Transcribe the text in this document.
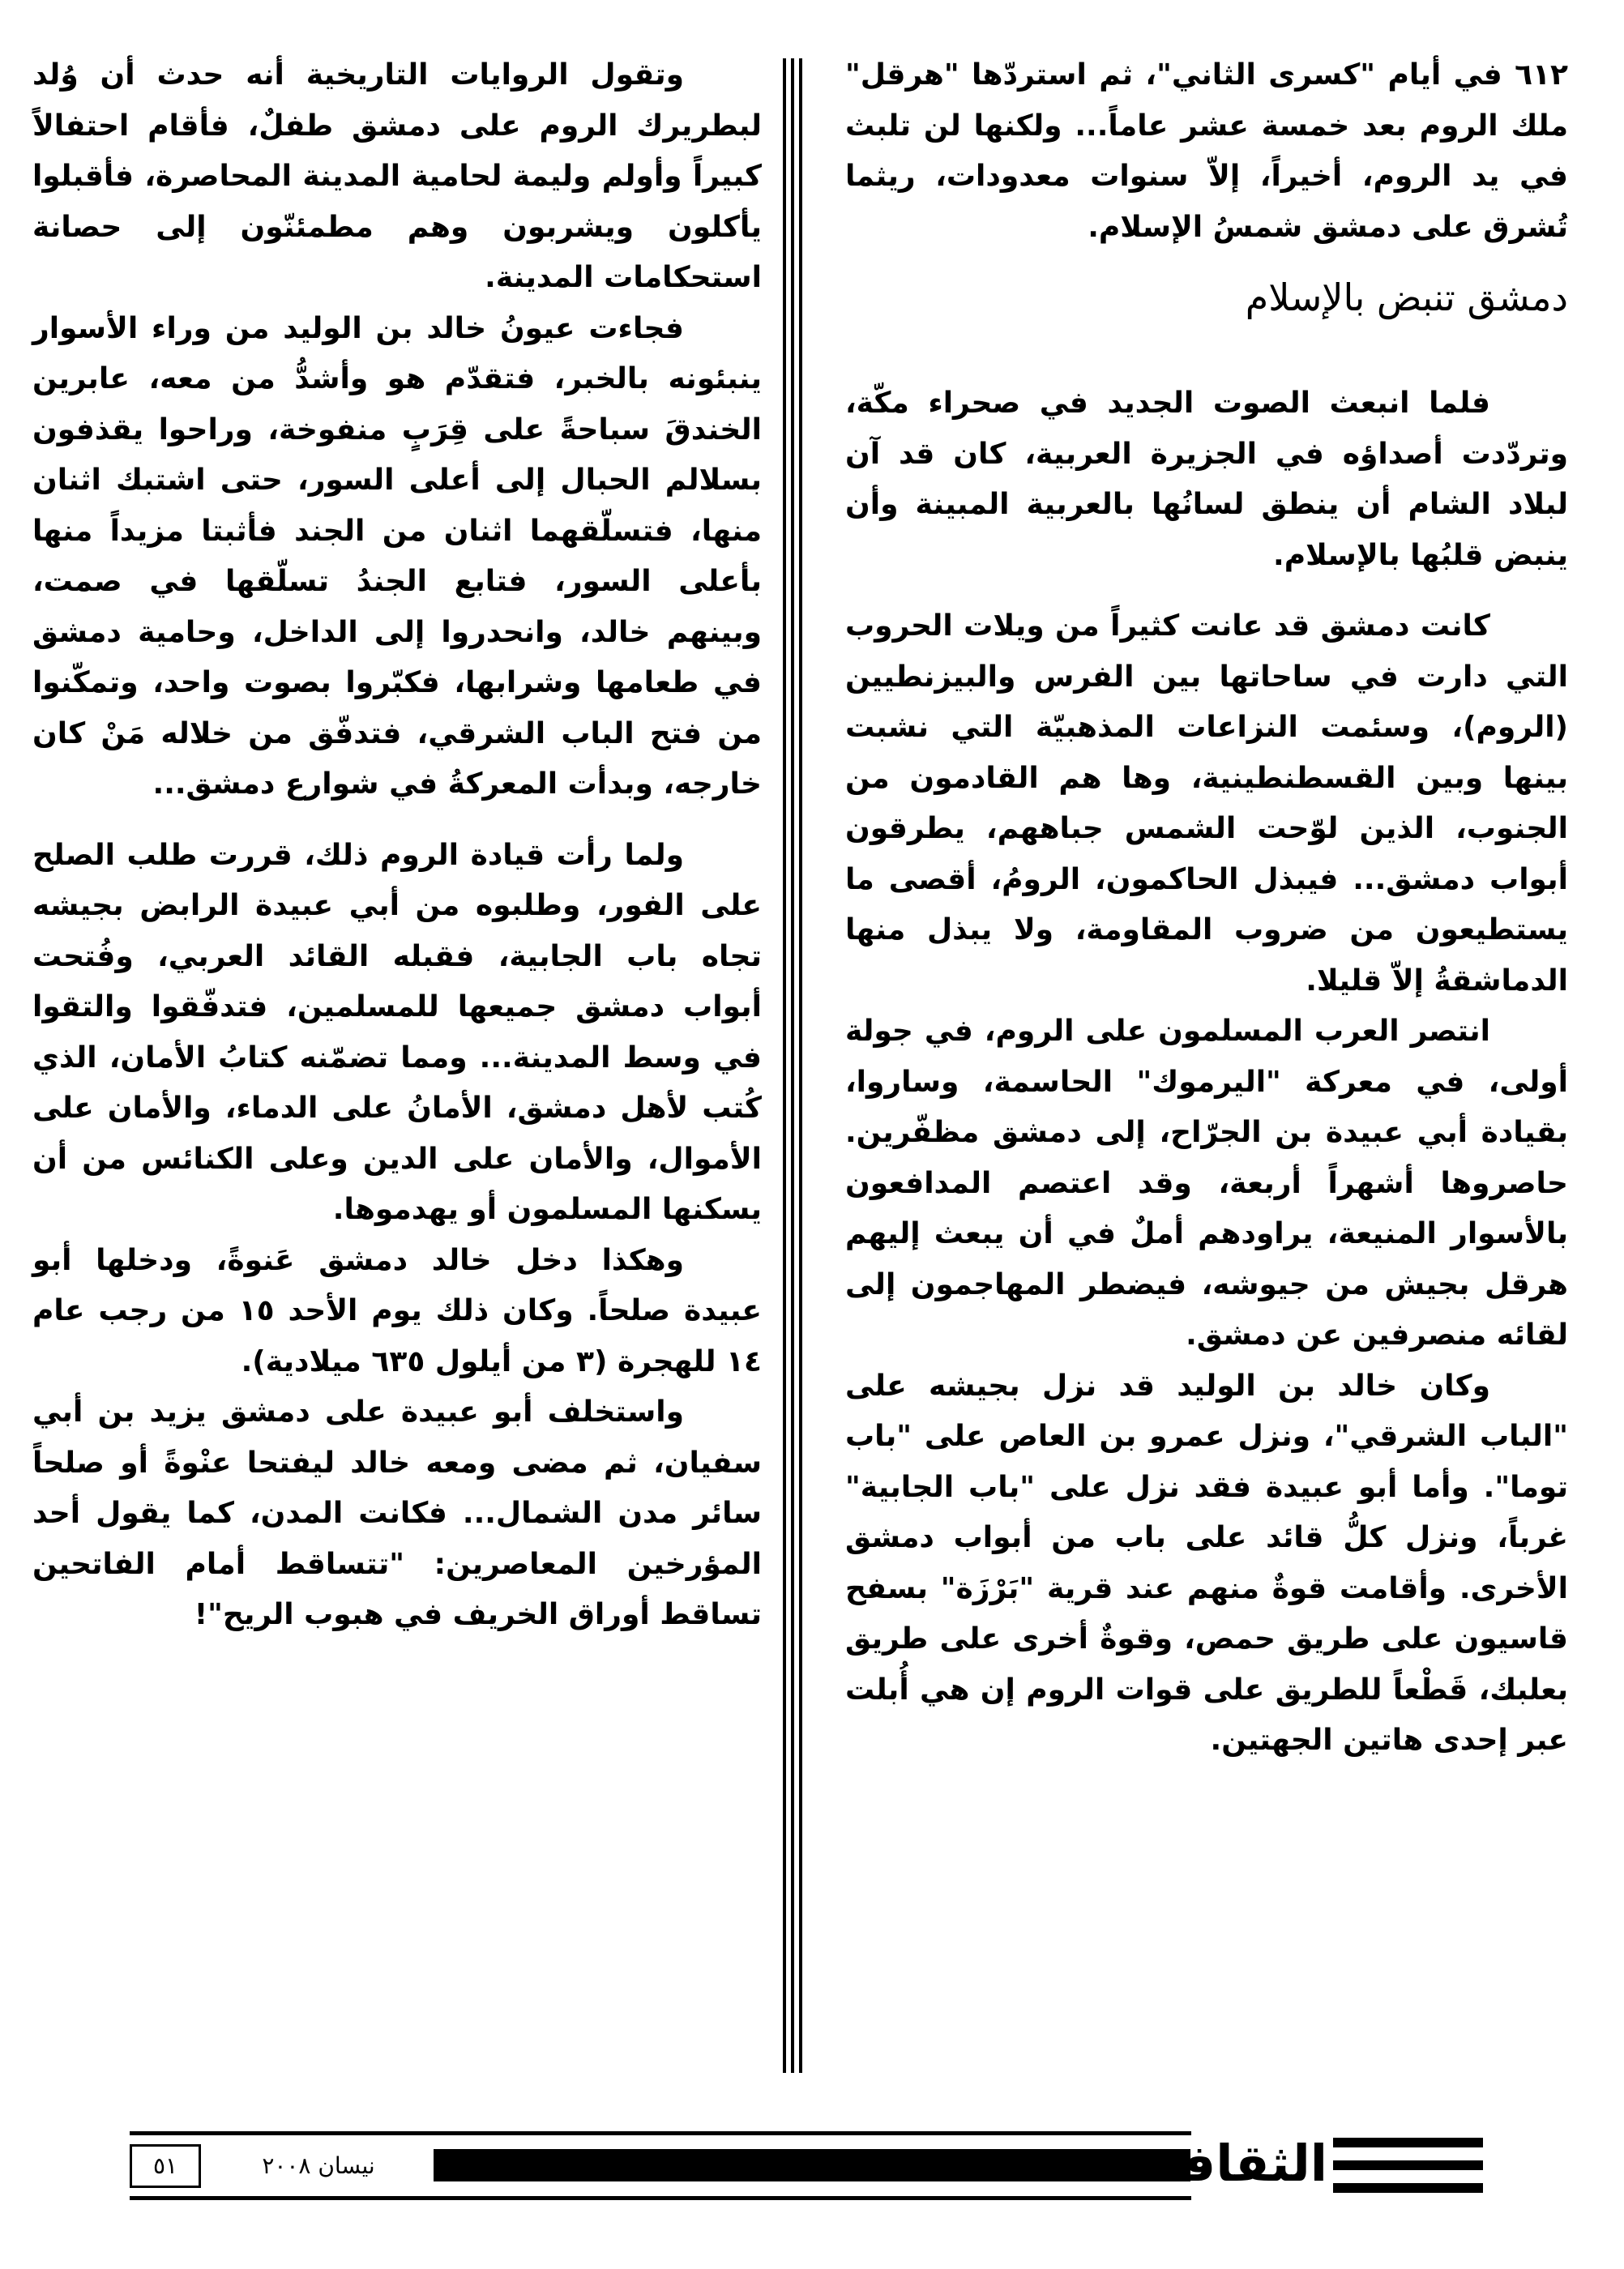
٦١٢ في أيام "كسرى الثاني"، ثم استردّها "هرقل" ملك الروم بعد خمسة عشر عاماً... ولكنها لن تلبث في يد الروم، أخيراً، إلاّ سنوات معدودات، ريثما تُشرق على دمشق شمسُ الإسلام.

دمشق تنبض بالإسلام

فلما انبعث الصوت الجديد في صحراء مكّة، وتردّدت أصداؤه في الجزيرة العربية، كان قد آن لبلاد الشام أن ينطق لسانُها بالعربية المبينة وأن ينبض قلبُها بالإسلام.

كانت دمشق قد عانت كثيراً من ويلات الحروب التي دارت في ساحاتها بين الفرس والبيزنطيين (الروم)، وسئمت النزاعات المذهبيّة التي نشبت بينها وبين القسطنطينية، وها هم القادمون من الجنوب، الذين لوّحت الشمس جباههم، يطرقون أبواب دمشق... فيبذل الحاكمون، الرومُ، أقصى ما يستطيعون من ضروب المقاومة، ولا يبذل منها الدماشقةُ إلاّ قليلا.

انتصر العرب المسلمون على الروم، في جولة أولى، في معركة "اليرموك" الحاسمة، وساروا، بقيادة أبي عبيدة بن الجرّاح، إلى دمشق مظفّرين. حاصروها أشهراً أربعة، وقد اعتصم المدافعون بالأسوار المنيعة، يراودهم أملٌ في أن يبعث إليهم هرقل بجيش من جيوشه، فيضطر المهاجمون إلى لقائه منصرفين عن دمشق.

وكان خالد بن الوليد قد نزل بجيشه على "الباب الشرقي"، ونزل عمرو بن العاص على "باب توما". وأما أبو عبيدة فقد نزل على "باب الجابية" غرباً، ونزل كلُّ قائد على باب من أبواب دمشق الأخرى. وأقامت قوةٌ منهم عند قرية "بَرْزَة" بسفح قاسيون على طريق حمص، وقوةٌ أخرى على طريق بعلبك، قَطْعاً للطريق على قوات الروم إن هي أُبلت عبر إحدى هاتين الجهتين.

وتقول الروايات التاريخية أنه حدث أن وُلد لبطريرك الروم على دمشق طفلٌ، فأقام احتفالاً كبيراً وأولم وليمة لحامية المدينة المحاصرة، فأقبلوا يأكلون ويشربون وهم مطمئنّون إلى حصانة استحكامات المدينة.

فجاءت عيونُ خالد بن الوليد من وراء الأسوار ينبئونه بالخبر، فتقدّم هو وأشدُّ من معه، عابرين الخندقَ سباحةً على قِرَبٍ منفوخة، وراحوا يقذفون بسلالم الحبال إلى أعلى السور، حتى اشتبك اثنان منها، فتسلّقهما اثنان من الجند فأثبتا مزيداً منها بأعلى السور، فتابع الجندُ تسلّقها في صمت، وبينهم خالد، وانحدروا إلى الداخل، وحامية دمشق في طعامها وشرابها، فكبّروا بصوت واحد، وتمكّنوا من فتح الباب الشرقي، فتدفّق من خلاله مَنْ كان خارجه، وبدأت المعركةُ في شوارع دمشق...

ولما رأت قيادة الروم ذلك، قررت طلب الصلح على الفور، وطلبوه من أبي عبيدة الرابض بجيشه تجاه باب الجابية، فقبله القائد العربي، وفُتحت أبواب دمشق جميعها للمسلمين، فتدفّقوا والتقوا في وسط المدينة... ومما تضمّنه كتابُ الأمان، الذي كُتب لأهل دمشق، الأمانُ على الدماء، والأمان على الأموال، والأمان على الدين وعلى الكنائس من أن يسكنها المسلمون أو يهدموها.

وهكذا دخل خالد دمشق عَنوةً، ودخلها أبو عبيدة صلحاً. وكان ذلك يوم الأحد ١٥ من رجب عام ١٤ للهجرة (٣ من أيلول ٦٣٥ ميلادية).

واستخلف أبو عبيدة على دمشق يزيد بن أبي سفيان، ثم مضى ومعه خالد ليفتحا عنْوةً أو صلحاً سائر مدن الشمال... فكانت المدن، كما يقول أحد المؤرخين المعاصرين: "تتساقط أمام الفاتحين تساقط أوراق الخريف في هبوب الريح"!

الثقافة
نيسان ٢٠٠٨
٥١
